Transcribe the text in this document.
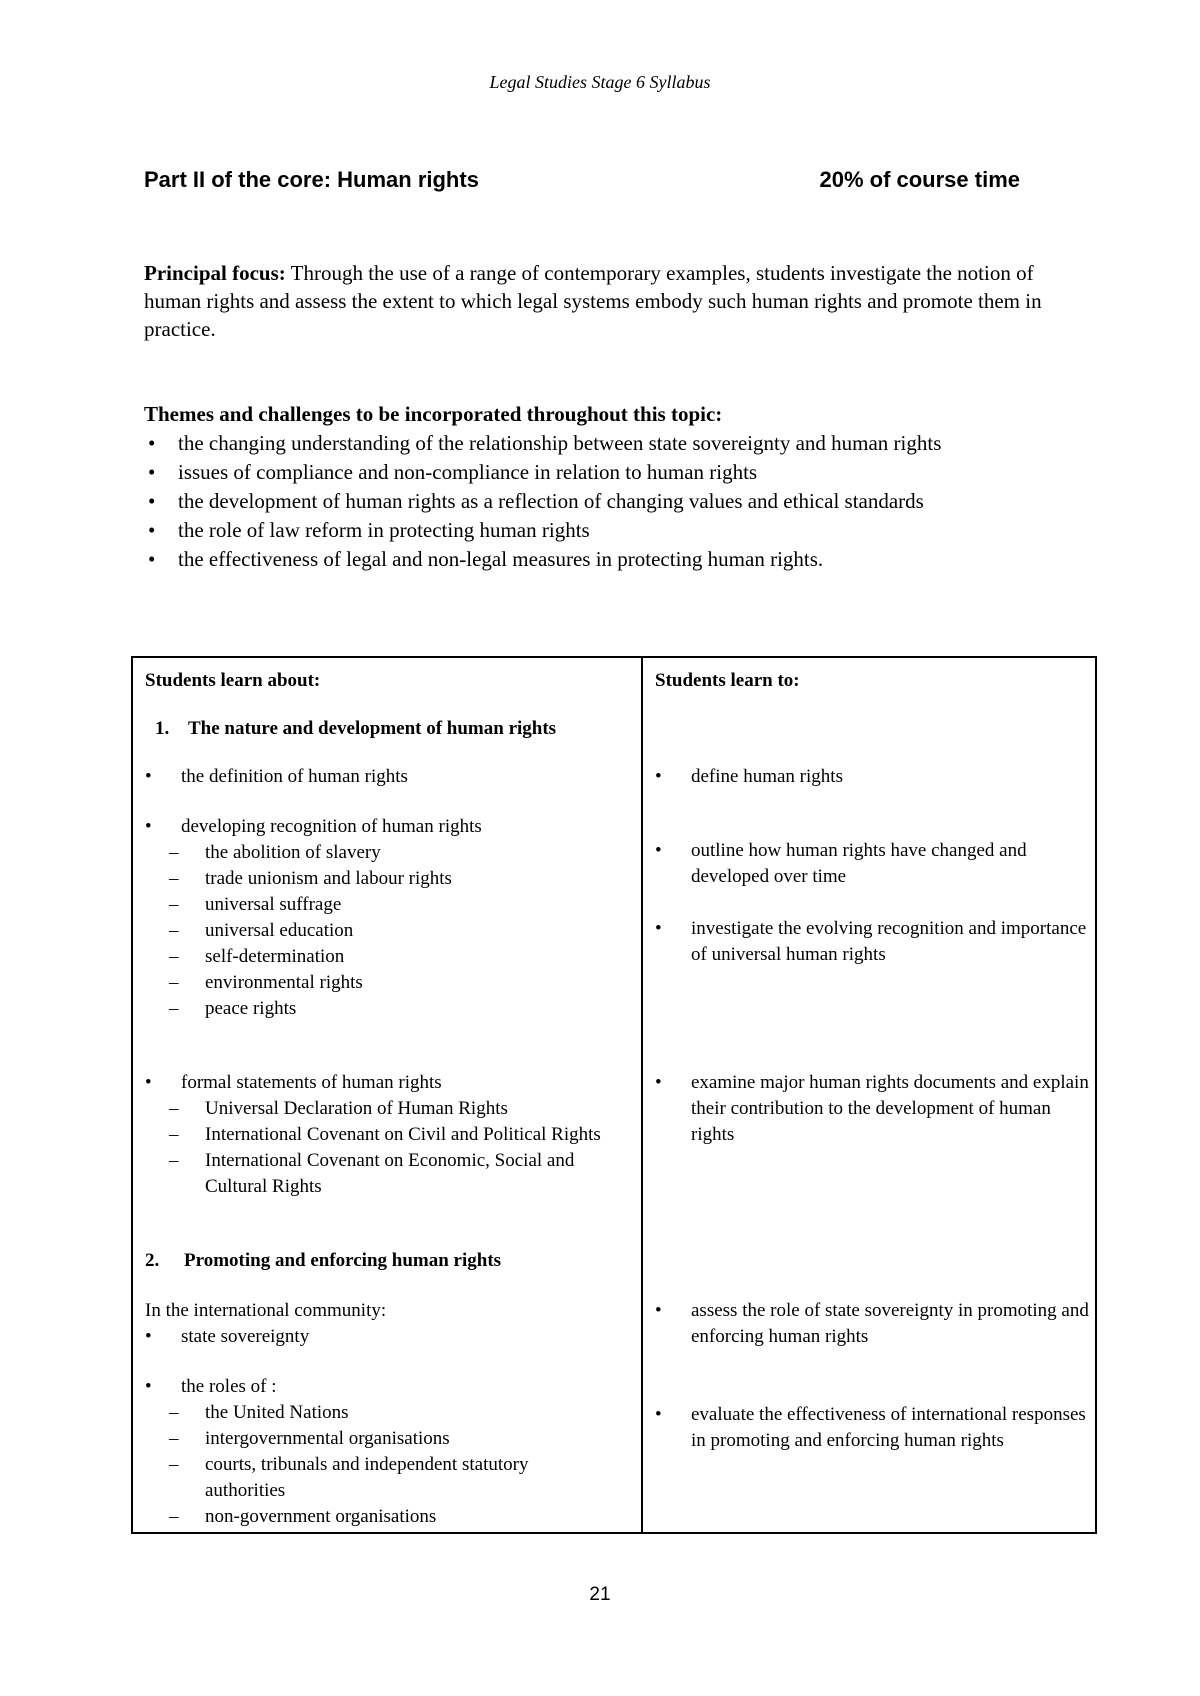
Legal Studies Stage 6 Syllabus
Part II of the core: Human rights	20% of course time
Principal focus: Through the use of a range of contemporary examples, students investigate the notion of human rights and assess the extent to which legal systems embody such human rights and promote them in practice.
Themes and challenges to be incorporated throughout this topic:
• the changing understanding of the relationship between state sovereignty and human rights
• issues of compliance and non-compliance in relation to human rights
• the development of human rights as a reflection of changing values and ethical standards
• the role of law reform in protecting human rights
• the effectiveness of legal and non-legal measures in protecting human rights.
Students learn about:
1. The nature and development of human rights
• the definition of human rights
• developing recognition of human rights
– the abolition of slavery
– trade unionism and labour rights
– universal suffrage
– universal education
– self-determination
– environmental rights
– peace rights
• formal statements of human rights
– Universal Declaration of Human Rights
– International Covenant on Civil and Political Rights
– International Covenant on Economic, Social and Cultural Rights
2. Promoting and enforcing human rights
In the international community:
• state sovereignty
• the roles of :
– the United Nations
– intergovernmental organisations
– courts, tribunals and independent statutory authorities
– non-government organisations
Students learn to:
• define human rights
• outline how human rights have changed and developed over time
• investigate the evolving recognition and importance of universal human rights
• examine major human rights documents and explain their contribution to the development of human rights
• assess the role of state sovereignty in promoting and enforcing human rights
• evaluate the effectiveness of international responses in promoting and enforcing human rights
21
